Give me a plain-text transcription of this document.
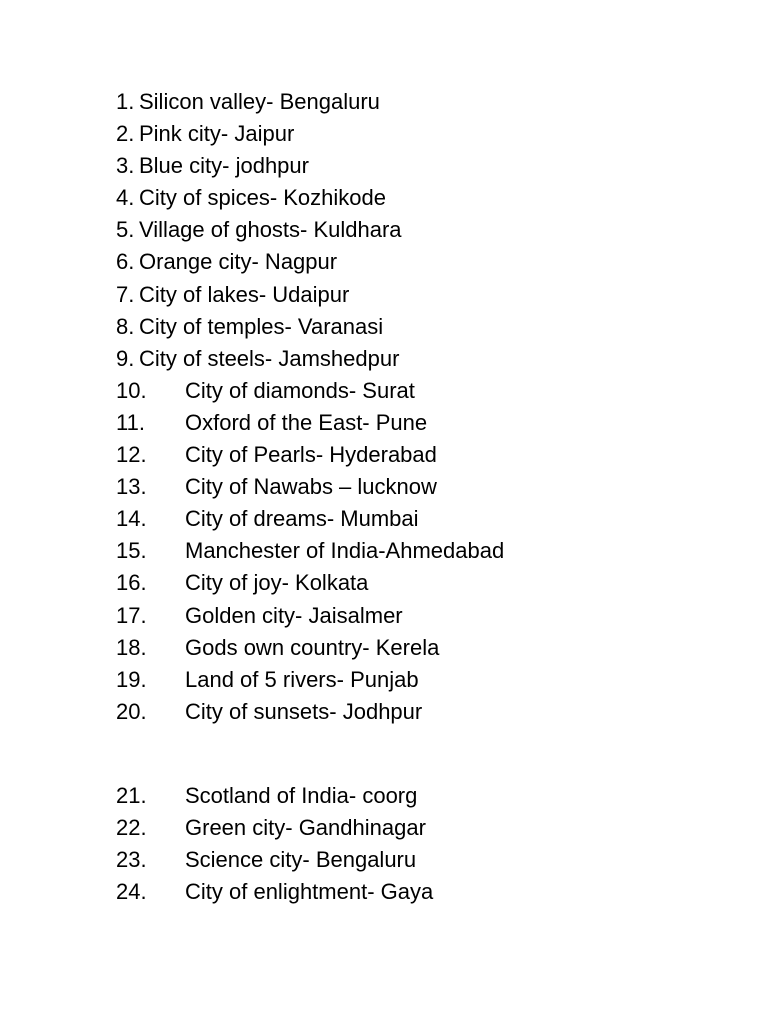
1. Silicon valley- Bengaluru
2. Pink city- Jaipur
3. Blue city- jodhpur
4. City of spices- Kozhikode
5. Village of ghosts- Kuldhara
6. Orange city- Nagpur
7. City of lakes- Udaipur
8. City of temples- Varanasi
9. City of steels- Jamshedpur
10.	City of diamonds- Surat
11.	Oxford of the East- Pune
12.	City of Pearls- Hyderabad
13.	City of Nawabs – lucknow
14.	City of dreams- Mumbai
15.	Manchester of India-Ahmedabad
16.	City of joy- Kolkata
17.	Golden city- Jaisalmer
18.	Gods own country- Kerela
19.	Land of 5 rivers- Punjab
20.	City of sunsets- Jodhpur
21.	Scotland of India- coorg
22.	Green city- Gandhinagar
23.	Science city- Bengaluru
24.	City of enlightment- Gaya
